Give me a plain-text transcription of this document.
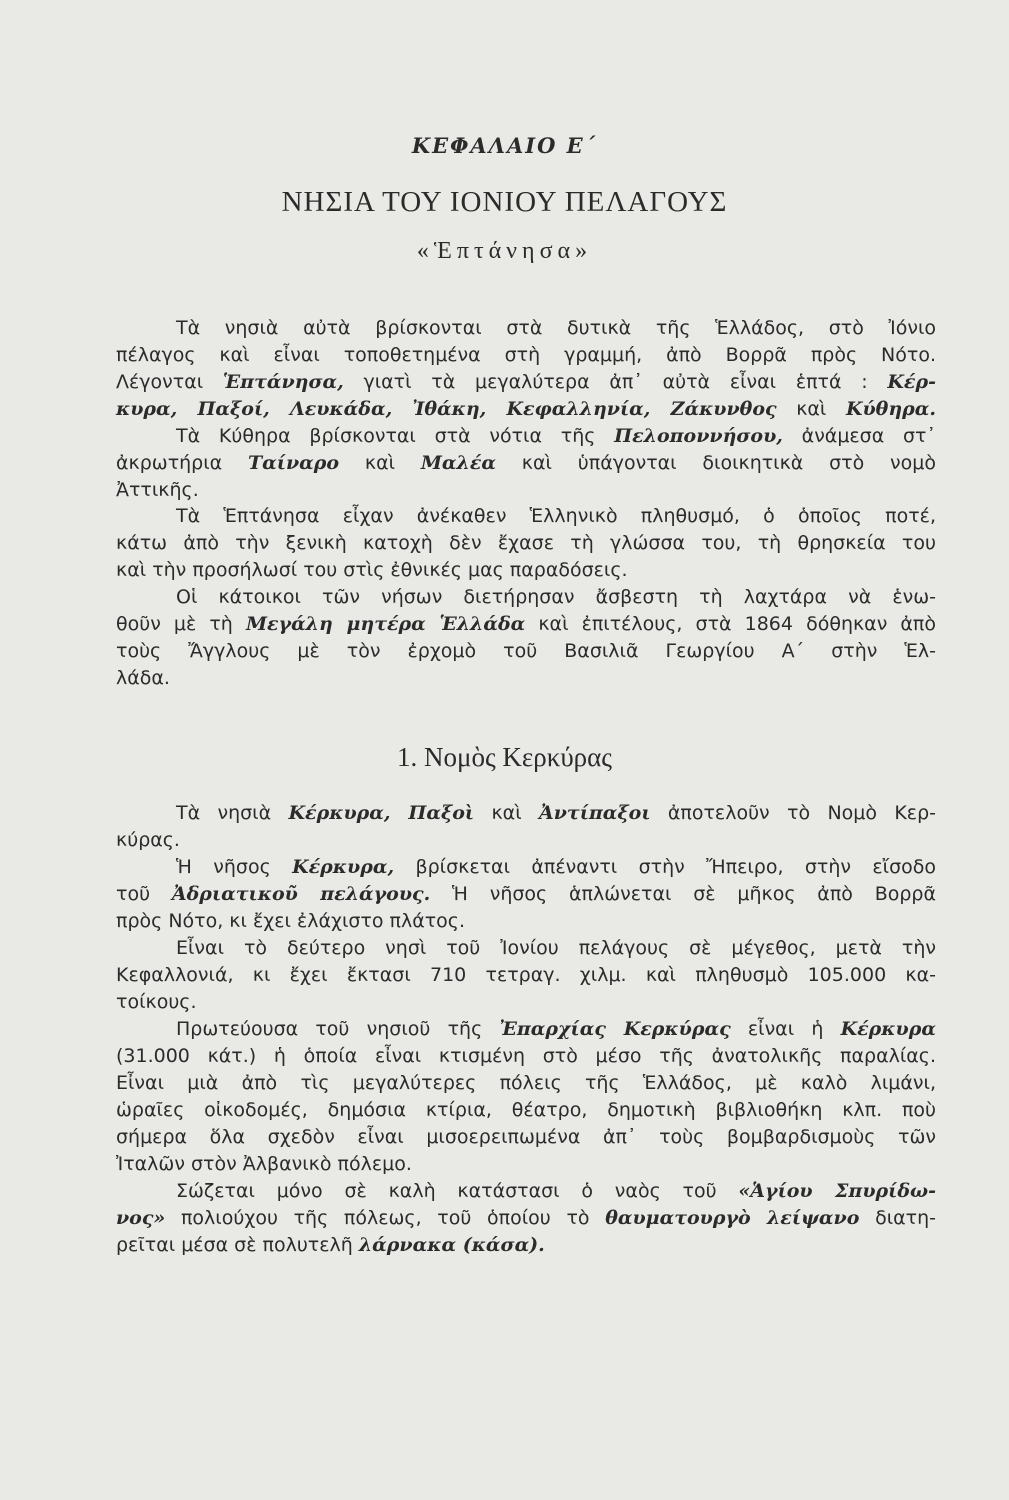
ΚΕΦΑΛΑΙΟ Ε΄
ΝΗΣΙΑ ΤΟΥ ΙΟΝΙΟΥ ΠΕΛΑΓΟΥΣ
«Ἑπτάνησα»
Τὰ νησιὰ αὐτὰ βρίσκονται στὰ δυτικὰ τῆς Ἑλλάδος, στὸ Ἰόνιο
πέλαγος καὶ εἶναι τοποθετημένα στὴ γραμμή, ἀπὸ Βορρᾶ πρὸς Νότο.
Λέγονται Ἑπτάνησα, γιατὶ τὰ μεγαλύτερα ἀπ᾿ αὐτὰ εἶναι ἑπτά : Κέρ-
κυρα, Παξοί, Λευκάδα, Ἰθάκη, Κεφαλληνία, Ζάκυνθος καὶ Κύθηρα.
Τὰ Κύθηρα βρίσκονται στὰ νότια τῆς Πελοποννήσου, ἀνάμεσα στ᾿
ἀκρωτήρια Ταίναρο καὶ Μαλέα καὶ ὑπάγονται διοικητικὰ στὸ νομὸ
Ἀττικῆς.
Τὰ Ἑπτάνησα εἶχαν ἀνέκαθεν Ἑλληνικὸ πληθυσμό, ὁ ὁποῖος ποτέ,
κάτω ἀπὸ τὴν ξενικὴ κατοχὴ δὲν ἔχασε τὴ γλώσσα του, τὴ θρησκεία του
καὶ τὴν προσήλωσί του στὶς ἐθνικές μας παραδόσεις.
Οἱ κάτοικοι τῶν νήσων διετήρησαν ἄσβεστη τὴ λαχτάρα νὰ ἑνω-
θοῦν μὲ τὴ Μεγάλη μητέρα Ἑλλάδα καὶ ἐπιτέλους, στὰ 1864 δόθηκαν ἀπὸ
τοὺς Ἄγγλους μὲ τὸν ἐρχομὸ τοῦ Βασιλιᾶ Γεωργίου Α΄ στὴν Ἑλ-
λάδα.
1. Νομὸς Κερκύρας
Τὰ νησιὰ Κέρκυρα, Παξοὶ καὶ Ἀντίπαξοι ἀποτελοῦν τὸ Νομὸ Κερ-
κύρας.
Ἡ νῆσος Κέρκυρα, βρίσκεται ἀπέναντι στὴν Ἤπειρο, στὴν εἴσοδο
τοῦ Ἀδριατικοῦ πελάγους. Ἡ νῆσος ἁπλώνεται σὲ μῆκος ἀπὸ Βορρᾶ
πρὸς Νότο, κι ἔχει ἐλάχιστο πλάτος.
Εἶναι τὸ δεύτερο νησὶ τοῦ Ἰονίου πελάγους σὲ μέγεθος, μετὰ τὴν
Κεφαλλονιά, κι ἔχει ἔκτασι 710 τετραγ. χιλμ. καὶ πληθυσμὸ 105.000 κα-
τοίκους.
Πρωτεύουσα τοῦ νησιοῦ τῆς Ἐπαρχίας Κερκύρας εἶναι ἡ Κέρκυρα
(31.000 κάτ.) ἡ ὁποία εἶναι κτισμένη στὸ μέσο τῆς ἀνατολικῆς παραλίας.
Εἶναι μιὰ ἀπὸ τὶς μεγαλύτερες πόλεις τῆς Ἑλλάδος, μὲ καλὸ λιμάνι,
ὡραῖες οἰκοδομές, δημόσια κτίρια, θέατρο, δημοτικὴ βιβλιοθήκη κλπ. ποὺ
σήμερα ὅλα σχεδὸν εἶναι μισοερειπωμένα ἀπ᾿ τοὺς βομβαρδισμοὺς τῶν
Ἰταλῶν στὸν Ἀλβανικὸ πόλεμο.
Σώζεται μόνο σὲ καλὴ κατάστασι ὁ ναὸς τοῦ «Ἁγίου Σπυρίδω-
νος» πολιούχου τῆς πόλεως, τοῦ ὁποίου τὸ θαυματουργὸ λείψανο διατη-
ρεῖται μέσα σὲ πολυτελῆ λάρνακα (κάσα).
